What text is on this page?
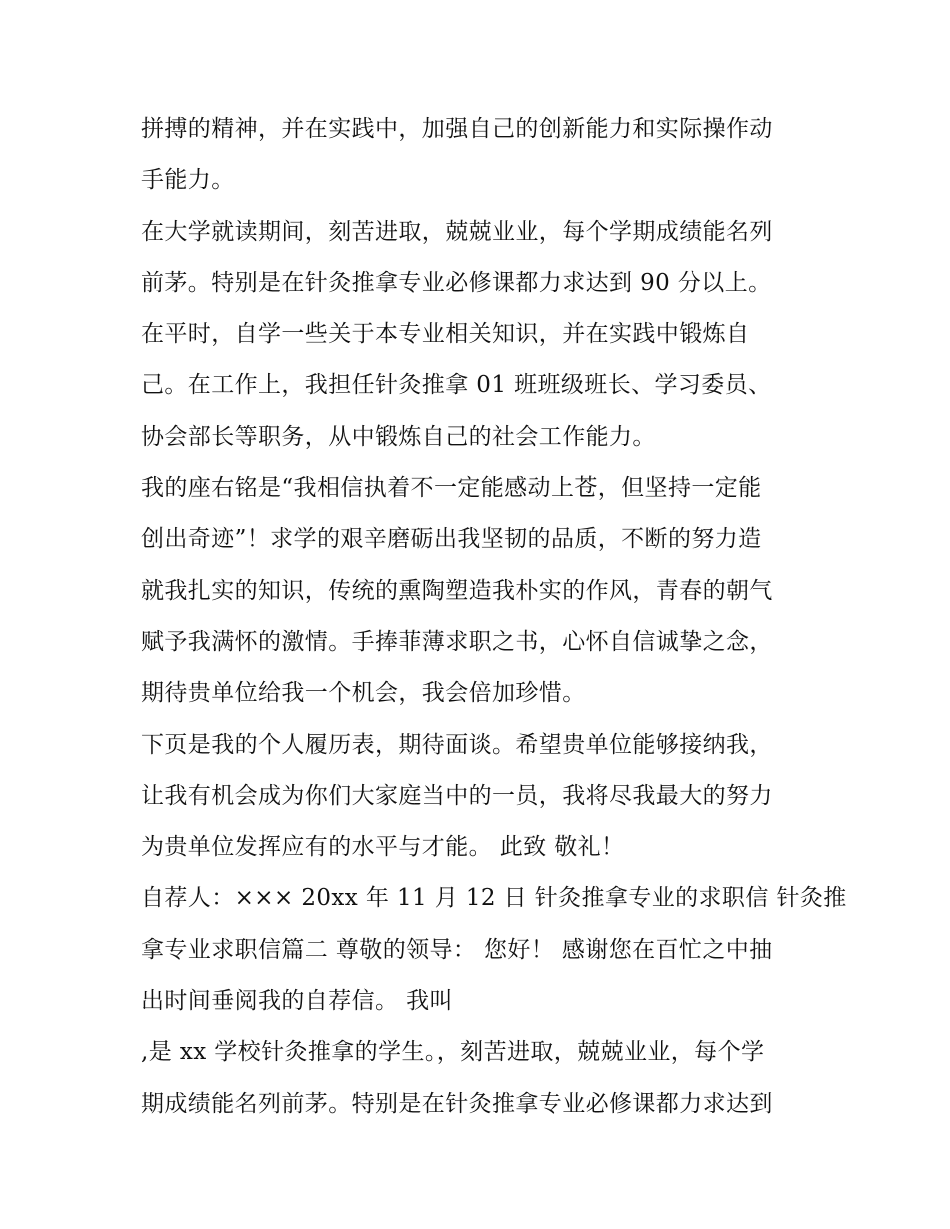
拼搏的精神，并在实践中，加强自己的创新能力和实际操作动
手能力。
在大学就读期间，刻苦进取，兢兢业业，每个学期成绩能名列
前茅。特别是在针灸推拿专业必修课都力求达到 90 分以上。
在平时，自学一些关于本专业相关知识，并在实践中锻炼自
己。在工作上，我担任针灸推拿 01 班班级班长、学习委员、
协会部长等职务，从中锻炼自己的社会工作能力。
我的座右铭是“我相信执着不一定能感动上苍，但坚持一定能
创出奇迹”！求学的艰辛磨砺出我坚韧的品质，不断的努力造
就我扎实的知识，传统的熏陶塑造我朴实的作风，青春的朝气
赋予我满怀的激情。手捧菲薄求职之书，心怀自信诚挚之念，
期待贵单位给我一个机会，我会倍加珍惜。
下页是我的个人履历表，期待面谈。希望贵单位能够接纳我，
让我有机会成为你们大家庭当中的一员，我将尽我最大的努力
为贵单位发挥应有的水平与才能。 此致 敬礼！
自荐人：××× 20xx 年 11 月 12 日 针灸推拿专业的求职信 针灸推
拿专业求职信篇二 尊敬的领导： 您好！ 感谢您在百忙之中抽
出时间垂阅我的自荐信。 我叫
,是 xx 学校针灸推拿的学生。，刻苦进取，兢兢业业，每个学
期成绩能名列前茅。特别是在针灸推拿专业必修课都力求达到
